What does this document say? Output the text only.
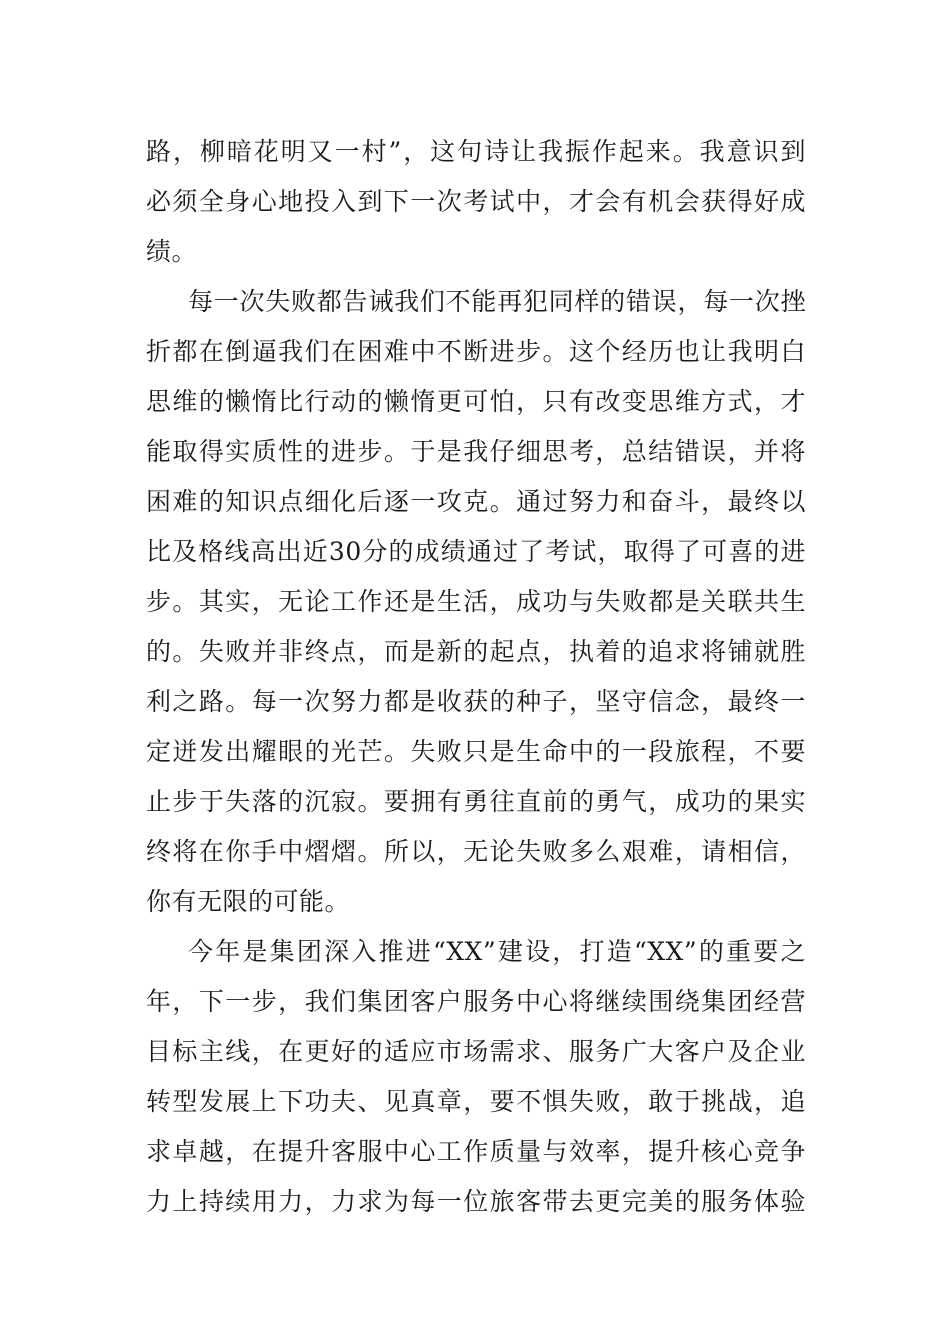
路，柳暗花明又一村”，这句诗让我振作起来。我意识到
必须全身心地投入到下一次考试中，才会有机会获得好成
绩。
每一次失败都告诫我们不能再犯同样的错误，每一次挫
折都在倒逼我们在困难中不断进步。这个经历也让我明白
思维的懒惰比行动的懒惰更可怕，只有改变思维方式，才
能取得实质性的进步。于是我仔细思考，总结错误，并将
困难的知识点细化后逐一攻克。通过努力和奋斗，最终以
比及格线高出近30分的成绩通过了考试，取得了可喜的进
步。其实，无论工作还是生活，成功与失败都是关联共生
的。失败并非终点，而是新的起点，执着的追求将铺就胜
利之路。每一次努力都是收获的种子，坚守信念，最终一
定迸发出耀眼的光芒。失败只是生命中的一段旅程，不要
止步于失落的沉寂。要拥有勇往直前的勇气，成功的果实
终将在你手中熠熠。所以，无论失败多么艰难，请相信，
你有无限的可能。
今年是集团深入推进“XX”建设，打造“XX”的重要之
年，下一步，我们集团客户服务中心将继续围绕集团经营
目标主线，在更好的适应市场需求、服务广大客户及企业
转型发展上下功夫、见真章，要不惧失败，敢于挑战，追
求卓越，在提升客服中心工作质量与效率，提升核心竞争
力上持续用力，力求为每一位旅客带去更完美的服务体验
